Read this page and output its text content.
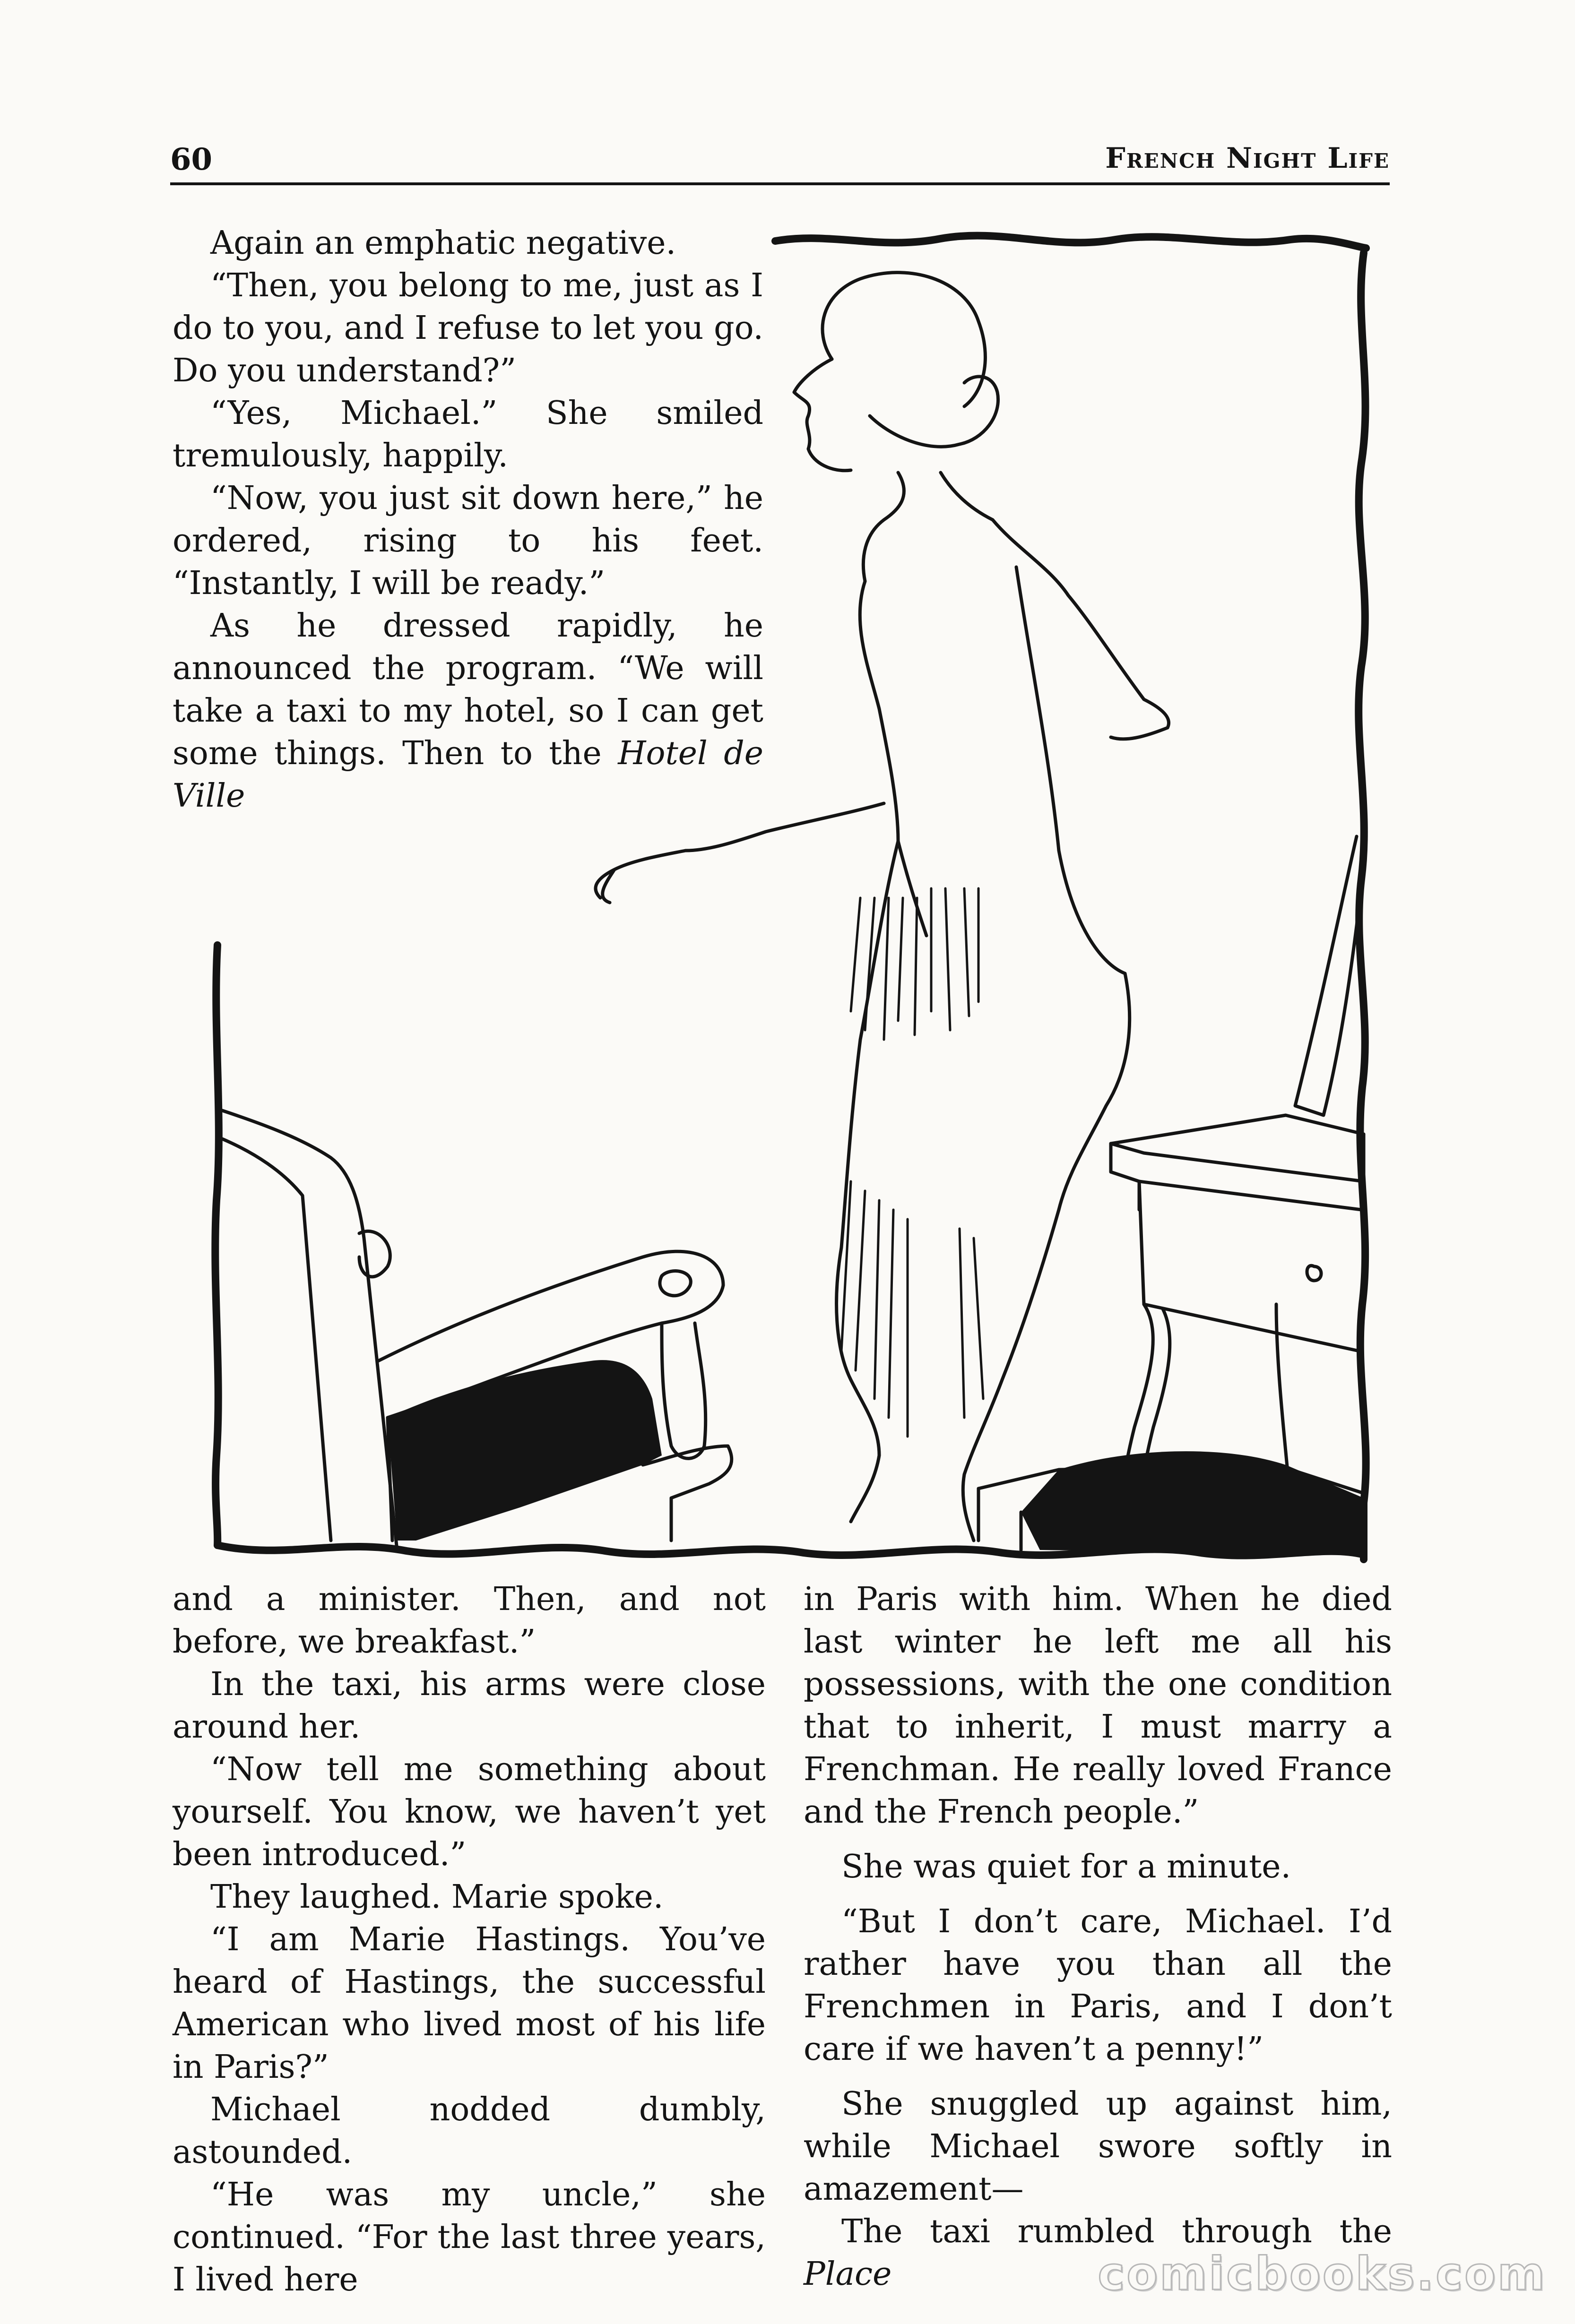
60	French Night Life

Again an emphatic negative.

“Then, you belong to me, just as I do to you, and I refuse to let you go. Do you understand?”

“Yes, Michael.” She smiled tremulously, happily.

“Now, you just sit down here,” he ordered, rising to his feet. “Instantly, I will be ready.”

As he dressed rapidly, he announced the program. “We will take a taxi to my hotel, so I can get some things. Then to the Hotel de Ville

and a minister. Then, and not before, we breakfast.”

In the taxi, his arms were close around her.

“Now tell me something about yourself. You know, we haven’t yet been introduced.”

They laughed. Marie spoke.

“I am Marie Hastings. You’ve heard of Hastings, the successful American who lived most of his life in Paris?”

Michael nodded dumbly, astounded.

“He was my uncle,” she continued. “For the last three years, I lived here

in Paris with him. When he died last winter he left me all his possessions, with the one condition that to inherit, I must marry a Frenchman. He really loved France and the French people.”

She was quiet for a minute.

“But I don’t care, Michael. I’d rather have you than all the Frenchmen in Paris, and I don’t care if we haven’t a penny!”

She snuggled up against him, while Michael swore softly in amazement—

The taxi rumbled through the Place	comicbooks.com
